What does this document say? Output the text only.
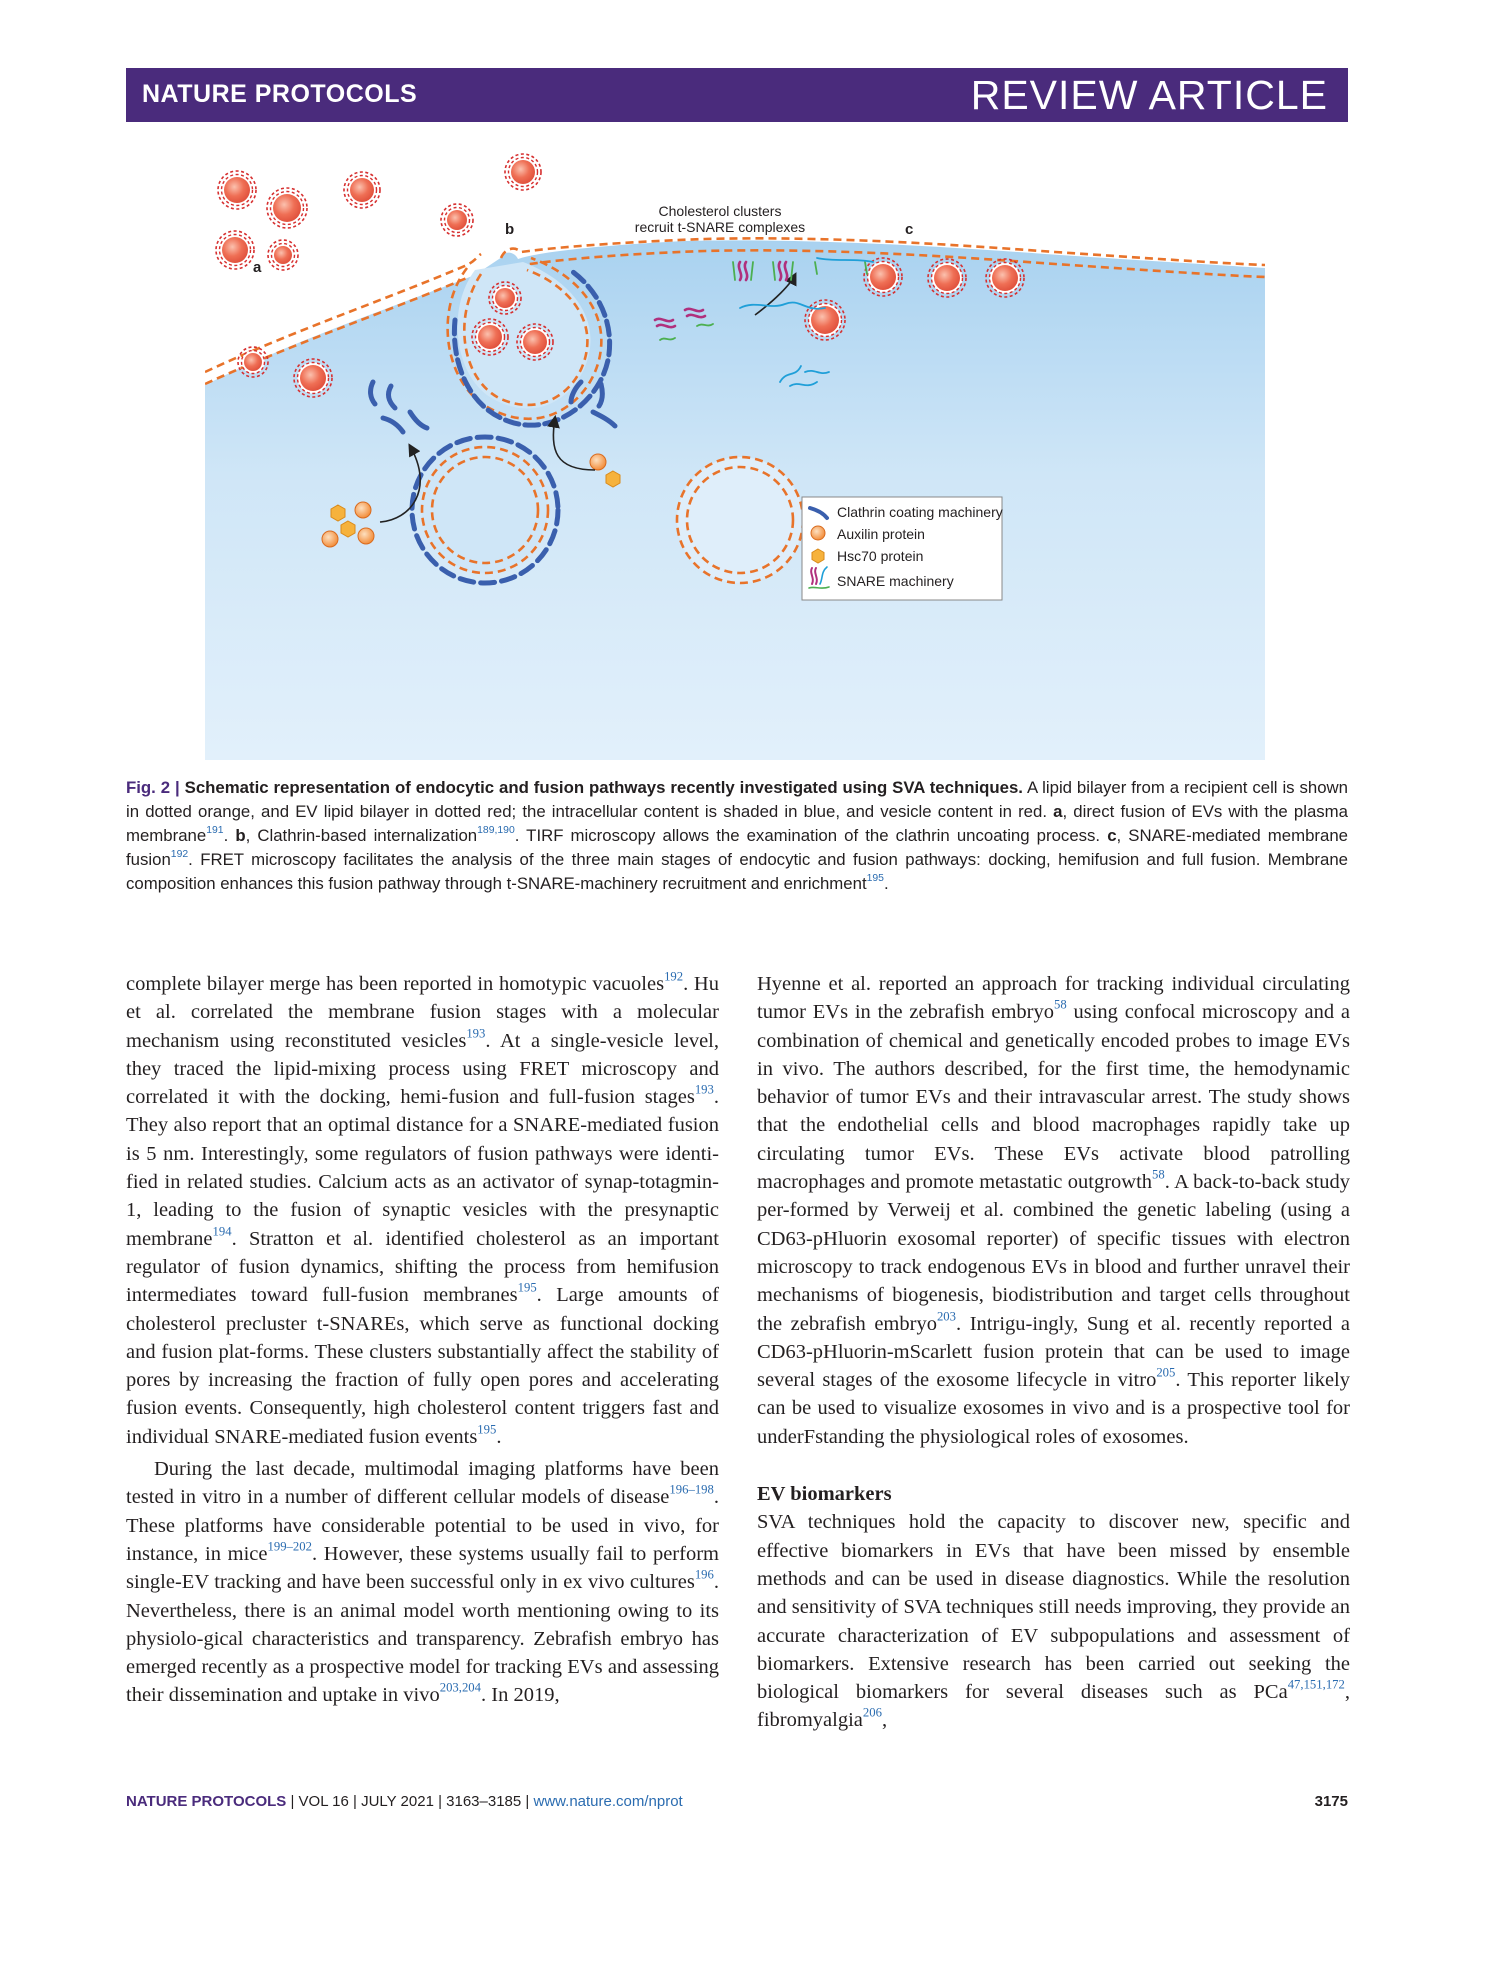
NATURE PROTOCOLS	REVIEW ARTICLE
a
b	c
Cholesterol clusters
recruit t-SNARE complexes
Clathrin coating machinery
Auxilin protein
Hsc70 protein
SNARE machinery
Fig. 2 | Schematic representation of endocytic and fusion pathways recently investigated using SVA techniques. A lipid bilayer from a recipient cell is shown in dotted orange, and EV lipid bilayer in dotted red; the intracellular content is shaded in blue, and vesicle content in red. a, direct fusion of EVs with the plasma membrane$^{191}$. b, Clathrin-based internalization$^{189,190}$. TIRF microscopy allows the examination of the clathrin uncoating process. c, SNARE-mediated membrane fusion$^{192}$. FRET microscopy facilitates the analysis of the three main stages of endocytic and fusion pathways: docking, hemifusion and full fusion. Membrane composition enhances this fusion pathway through t-SNARE-machinery recruitment and enrichment$^{195}$.

complete bilayer merge has been reported in homotypic vacuoles$^{192}$. Hu et al. correlated the membrane fusion stages with a molecular mechanism using reconstituted vesicles$^{193}$. At a single-vesicle level, they traced the lipid-mixing process using FRET microscopy and correlated it with the docking, hemi-fusion and full-fusion stages$^{193}$. They also report that an optimal distance for a SNARE-mediated fusion is 5 nm. Interestingly, some regulators of fusion pathways were identi-fied in related studies. Calcium acts as an activator of synap-totagmin-1, leading to the fusion of synaptic vesicles with the presynaptic membrane$^{194}$. Stratton et al. identified cholesterol as an important regulator of fusion dynamics, shifting the process from hemifusion intermediates toward full-fusion membranes$^{195}$. Large amounts of cholesterol precluster t-SNAREs, which serve as functional docking and fusion plat-forms. These clusters substantially affect the stability of pores by increasing the fraction of fully open pores and accelerating fusion events. Consequently, high cholesterol content triggers fast and individual SNARE-mediated fusion events$^{195}$.

During the last decade, multimodal imaging platforms have been tested in vitro in a number of different cellular models of disease$^{196-198}$. These platforms have considerable potential to be used in vivo, for instance, in mice$^{199-202}$. However, these systems usually fail to perform single-EV tracking and have been successful only in ex vivo cultures$^{196}$. Nevertheless, there is an animal model worth mentioning owing to its physiolo-gical characteristics and transparency. Zebrafish embryo has emerged recently as a prospective model for tracking EVs and assessing their dissemination and uptake in vivo$^{203,204}$. In 2019,

Hyenne et al. reported an approach for tracking individual circulating tumor EVs in the zebrafish embryo$^{58}$ using confocal microscopy and a combination of chemical and genetically encoded probes to image EVs in vivo. The authors described, for the first time, the hemodynamic behavior of tumor EVs and their intravascular arrest. The study shows that the endothelial cells and blood macrophages rapidly take up circulating tumor EVs. These EVs activate blood patrolling macrophages and promote metastatic outgrowth$^{58}$. A back-to-back study per-formed by Verweij et al. combined the genetic labeling (using a CD63-pHluorin exosomal reporter) of specific tissues with electron microscopy to track endogenous EVs in blood and further unravel their mechanisms of biogenesis, biodistribution and target cells throughout the zebrafish embryo$^{203}$. Intrigu-ingly, Sung et al. recently reported a CD63-pHluorin-mScarlett fusion protein that can be used to image several stages of the exosome lifecycle in vitro$^{205}$. This reporter likely can be used to visualize exosomes in vivo and is a prospective tool for underFstanding the physiological roles of exosomes.

EV biomarkers

SVA techniques hold the capacity to discover new, specific and effective biomarkers in EVs that have been missed by ensemble methods and can be used in disease diagnostics. While the resolution and sensitivity of SVA techniques still needs improving, they provide an accurate characterization of EV subpopulations and assessment of biomarkers. Extensive research has been carried out seeking the biological biomarkers for several diseases such as PCa$^{47,151,172}$, fibromyalgia$^{206}$,

NATURE PROTOCOLS | VOL 16 | JULY 2021 | 3163–3185 | www.nature.com/nprot	3175
